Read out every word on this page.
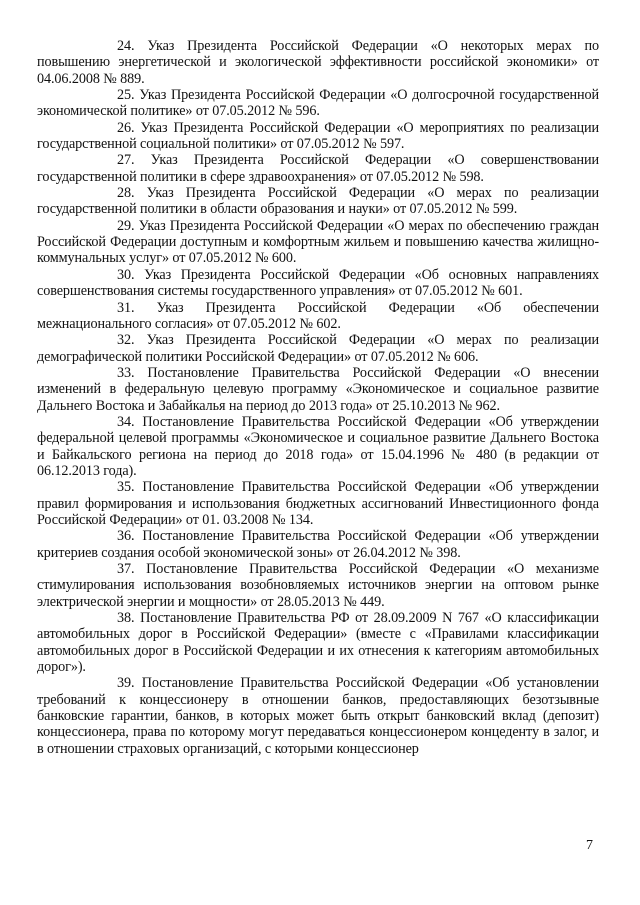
24. Указ Президента Российской Федерации «О некоторых мерах по повышению энергетической и экологической эффективности российской экономики» от 04.06.2008 № 889.

25. Указ Президента Российской Федерации «О долгосрочной государственной экономической политике» от 07.05.2012 № 596.

26. Указ Президента Российской Федерации «О мероприятиях по реализации государственной социальной политики» от 07.05.2012 № 597.

27. Указ Президента Российской Федерации «О совершенствовании государственной политики в сфере здравоохранения» от 07.05.2012 № 598.

28. Указ Президента Российской Федерации «О мерах по реализации государственной политики в области образования и науки» от 07.05.2012 № 599.

29. Указ Президента Российской Федерации «О мерах по обеспечению граждан Российской Федерации доступным и комфортным жильем и повышению качества жилищно-коммунальных услуг» от 07.05.2012 № 600.

30. Указ Президента Российской Федерации «Об основных направлениях совершенствования системы государственного управления» от 07.05.2012 № 601.

31. Указ Президента Российской Федерации «Об обеспечении межнационального согласия» от 07.05.2012 № 602.

32. Указ Президента Российской Федерации «О мерах по реализации демографической политики Российской Федерации» от 07.05.2012 № 606.

33. Постановление Правительства Российской Федерации «О внесении изменений в федеральную целевую программу «Экономическое и социальное развитие Дальнего Востока и Забайкалья на период до 2013 года» от 25.10.2013 № 962.

34. Постановление Правительства Российской Федерации «Об утверждении федеральной целевой программы «Экономическое и социальное развитие Дальнего Востока и Байкальского региона на период до 2018 года» от 15.04.1996 № 480 (в редакции от 06.12.2013 года).

35. Постановление Правительства Российской Федерации «Об утверждении правил формирования и использования бюджетных ассигнований Инвестиционного фонда Российской Федерации» от 01. 03.2008 № 134.

36. Постановление Правительства Российской Федерации «Об утверждении критериев создания особой экономической зоны» от 26.04.2012 № 398.

37. Постановление Правительства Российской Федерации «О механизме стимулирования использования возобновляемых источников энергии на оптовом рынке электрической энергии и мощности» от 28.05.2013 № 449.

38. Постановление Правительства РФ от 28.09.2009 N 767 «О классификации автомобильных дорог в Российской Федерации» (вместе с «Правилами классификации автомобильных дорог в Российской Федерации и их отнесения к категориям автомобильных дорог»).

39. Постановление Правительства Российской Федерации «Об установлении требований к концессионеру в отношении банков, предоставляющих безотзывные банковские гарантии, банков, в которых может быть открыт банковский вклад (депозит) концессионера, права по которому могут передаваться концессионером концеденту в залог, и в отношении страховых организаций, с которыми концессионер

7
